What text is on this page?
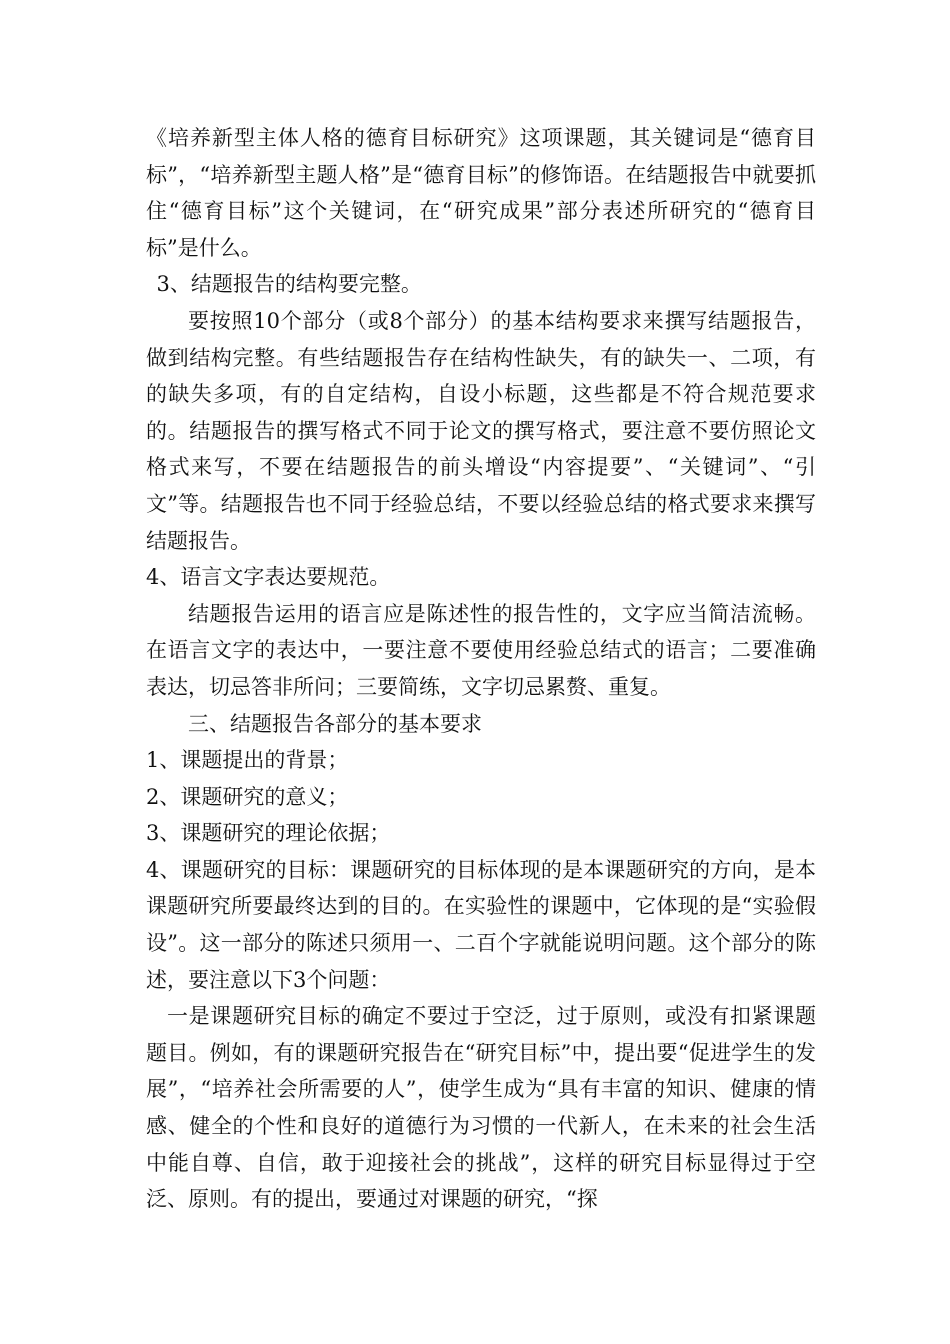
《培养新型主体人格的德育目标研究》这项课题，其关键词是“德育目标”，“培养新型主题人格”是“德育目标”的修饰语。在结题报告中就要抓住“德育目标”这个关键词，在“研究成果”部分表述所研究的“德育目标”是什么。

3、结题报告的结构要完整。

要按照10个部分（或8个部分）的基本结构要求来撰写结题报告，做到结构完整。有些结题报告存在结构性缺失，有的缺失一、二项，有的缺失多项，有的自定结构，自设小标题，这些都是不符合规范要求的。结题报告的撰写格式不同于论文的撰写格式，要注意不要仿照论文格式来写，不要在结题报告的前头增设“内容提要”、“关键词”、“引文”等。结题报告也不同于经验总结，不要以经验总结的格式要求来撰写结题报告。

4、语言文字表达要规范。

结题报告运用的语言应是陈述性的报告性的，文字应当简洁流畅。在语言文字的表达中，一要注意不要使用经验总结式的语言；二要准确表达，切忌答非所问；三要简练，文字切忌累赘、重复。

三、结题报告各部分的基本要求

1、课题提出的背景；

2、课题研究的意义；

3、课题研究的理论依据；

4、课题研究的目标：课题研究的目标体现的是本课题研究的方向，是本课题研究所要最终达到的目的。在实验性的课题中，它体现的是“实验假设”。这一部分的陈述只须用一、二百个字就能说明问题。这个部分的陈述，要注意以下3个问题：

一是课题研究目标的确定不要过于空泛，过于原则，或没有扣紧课题题目。例如，有的课题研究报告在“研究目标”中，提出要“促进学生的发展”，“培养社会所需要的人”，使学生成为“具有丰富的知识、健康的情感、健全的个性和良好的道德行为习惯的一代新人，在未来的社会生活中能自尊、自信，敢于迎接社会的挑战”，这样的研究目标显得过于空泛、原则。有的提出，要通过对课题的研究，“探
